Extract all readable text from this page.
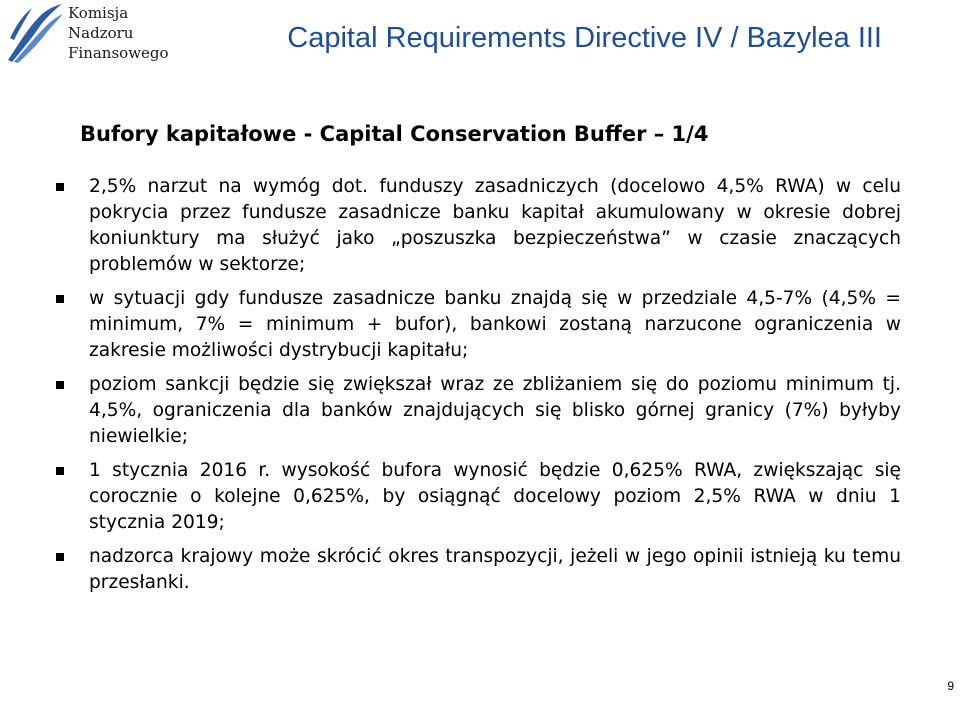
Komisja
Nadzoru
Finansowego	Capital Requirements Directive IV / Bazylea III
Bufory kapitałowe - Capital Conservation Buffer – 1/4
2,5% narzut na wymóg dot. funduszy zasadniczych (docelowo 4,5% RWA) w celu pokrycia przez fundusze zasadnicze banku kapitał akumulowany w okresie dobrej koniunktury ma służyć jako „poszuszka bezpieczeństwa” w czasie znaczących problemów w sektorze;
w sytuacji gdy fundusze zasadnicze banku znajdą się w przedziale 4,5-7% (4,5% = minimum, 7% = minimum + bufor), bankowi zostaną narzucone ograniczenia w zakresie możliwości dystrybucji kapitału;
poziom sankcji będzie się zwiększał wraz ze zbliżaniem się do poziomu minimum tj. 4,5%, ograniczenia dla banków znajdujących się blisko górnej granicy (7%) byłyby niewielkie;
1 stycznia 2016 r. wysokość bufora wynosić będzie 0,625% RWA, zwiększając się corocznie o kolejne 0,625%, by osiągnąć docelowy poziom 2,5% RWA w dniu 1 stycznia 2019;
nadzorca krajowy może skrócić okres transpozycji, jeżeli w jego opinii istnieją ku temu przesłanki.
9
